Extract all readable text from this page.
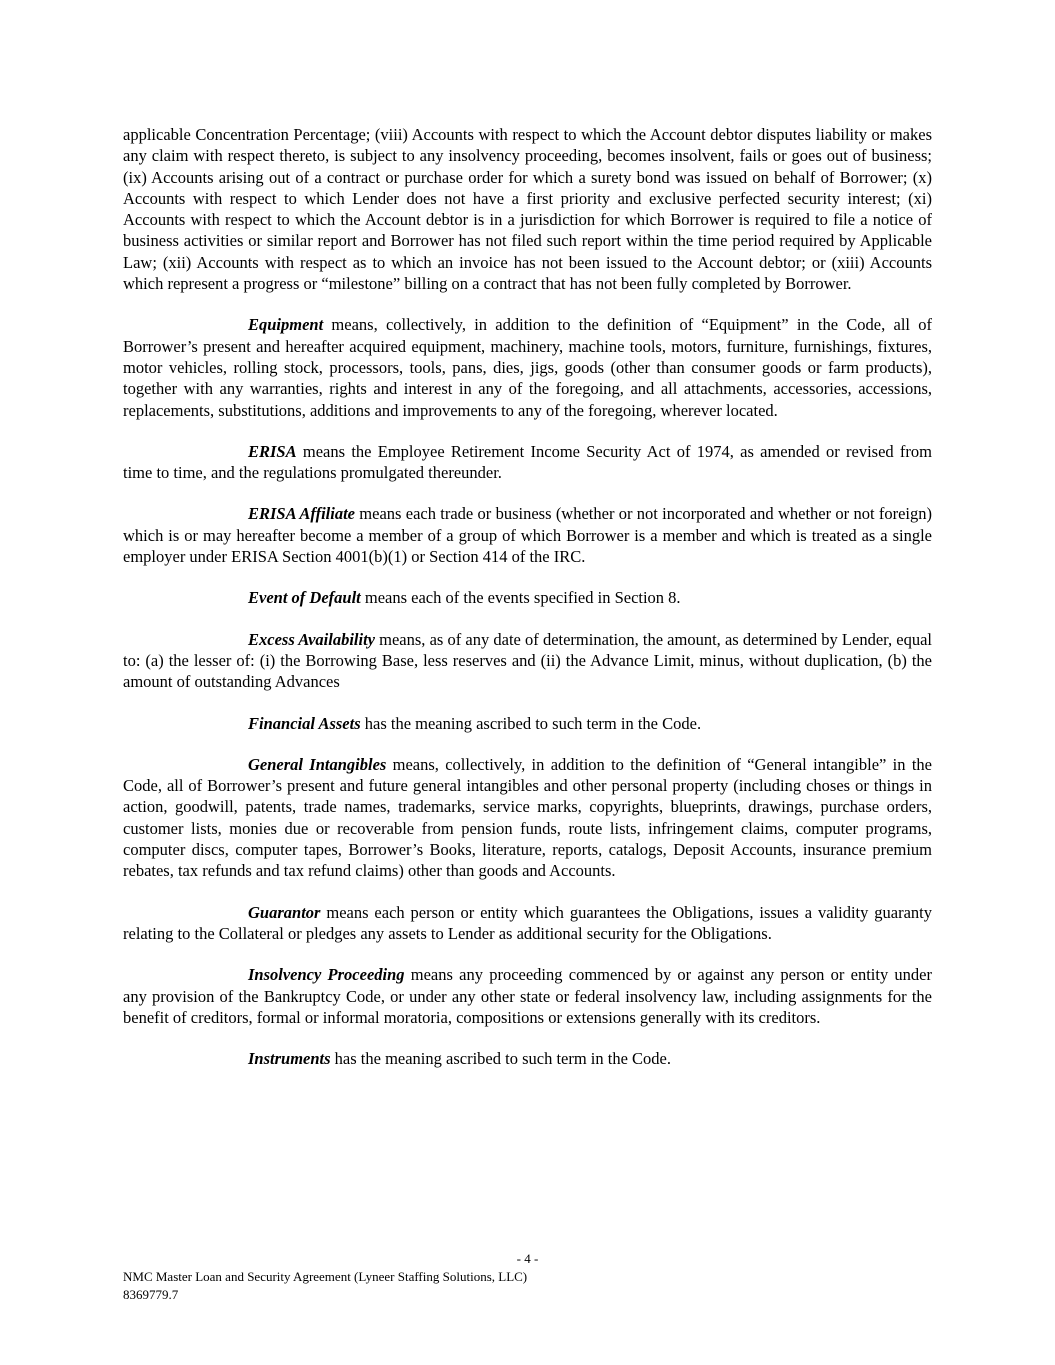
applicable Concentration Percentage; (viii) Accounts with respect to which the Account debtor disputes liability or makes any claim with respect thereto, is subject to any insolvency proceeding, becomes insolvent, fails or goes out of business; (ix) Accounts arising out of a contract or purchase order for which a surety bond was issued on behalf of Borrower; (x) Accounts with respect to which Lender does not have a first priority and exclusive perfected security interest; (xi) Accounts with respect to which the Account debtor is in a jurisdiction for which Borrower is required to file a notice of business activities or similar report and Borrower has not filed such report within the time period required by Applicable Law; (xii) Accounts with respect as to which an invoice has not been issued to the Account debtor; or (xiii) Accounts which represent a progress or “milestone” billing on a contract that has not been fully completed by Borrower.

Equipment means, collectively, in addition to the definition of “Equipment” in the Code, all of Borrower’s present and hereafter acquired equipment, machinery, machine tools, motors, furniture, furnishings, fixtures, motor vehicles, rolling stock, processors, tools, pans, dies, jigs, goods (other than consumer goods or farm products), together with any warranties, rights and interest in any of the foregoing, and all attachments, accessories, accessions, replacements, substitutions, additions and improvements to any of the foregoing, wherever located.

ERISA means the Employee Retirement Income Security Act of 1974, as amended or revised from time to time, and the regulations promulgated thereunder.

ERISA Affiliate means each trade or business (whether or not incorporated and whether or not foreign) which is or may hereafter become a member of a group of which Borrower is a member and which is treated as a single employer under ERISA Section 4001(b)(1) or Section 414 of the IRC.

Event of Default means each of the events specified in Section 8.

Excess Availability means, as of any date of determination, the amount, as determined by Lender, equal to: (a) the lesser of: (i) the Borrowing Base, less reserves and (ii) the Advance Limit, minus, without duplication, (b) the amount of outstanding Advances

Financial Assets has the meaning ascribed to such term in the Code.

General Intangibles means, collectively, in addition to the definition of “General intangible” in the Code, all of Borrower’s present and future general intangibles and other personal property (including choses or things in action, goodwill, patents, trade names, trademarks, service marks, copyrights, blueprints, drawings, purchase orders, customer lists, monies due or recoverable from pension funds, route lists, infringement claims, computer programs, computer discs, computer tapes, Borrower’s Books, literature, reports, catalogs, Deposit Accounts, insurance premium rebates, tax refunds and tax refund claims) other than goods and Accounts.

Guarantor means each person or entity which guarantees the Obligations, issues a validity guaranty relating to the Collateral or pledges any assets to Lender as additional security for the Obligations.

Insolvency Proceeding means any proceeding commenced by or against any person or entity under any provision of the Bankruptcy Code, or under any other state or federal insolvency law, including assignments for the benefit of creditors, formal or informal moratoria, compositions or extensions generally with its creditors.

Instruments has the meaning ascribed to such term in the Code.

- 4 -
NMC Master Loan and Security Agreement (Lyneer Staffing Solutions, LLC)
8369779.7
